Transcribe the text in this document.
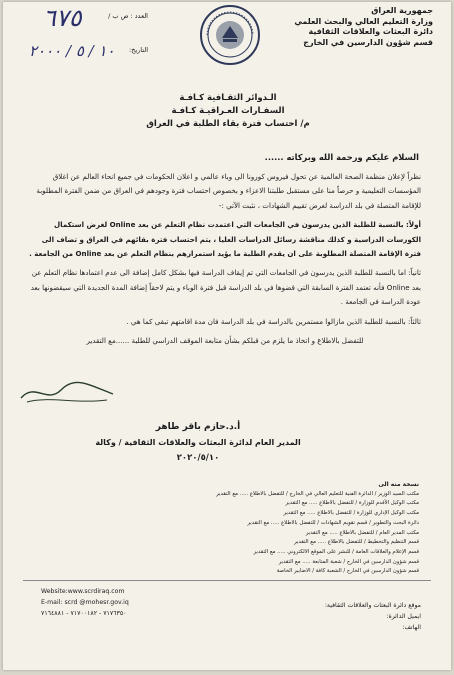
جمهورية العراق
وزارة التعليم العالي والبحث العلمي
دائرة البعثات والعلاقات الثقافية
قسم شؤون الدارسين في الخارج
العدد : ص ب /
التاريخ:
٦٧٥
١٠ / ٥ / ٢٠٠٠
الـدوائر الثقـافية كـافـة
السفـارات العـراقيـة كـافـة
م/ احتساب فترة بقاء الطلبة في العراق
السلام عليكم ورحمة الله وبركاته ......

نظراً لإعلان منظمة الصحة العالمية عن تحول فيروس كورونا الى وباء عالمي و اعلان الحكومات في جميع انحاء العالم عن اغلاق المؤسسات التعليمية و حرصاً منا على مستقبل طلبتنا الاعزاء و بخصوص احتساب فترة وجودهم في العراق من ضمن الفترة المطلوبة للإقامة المتصلة في بلد الدراسة لغرض تقييم الشهادات ، نثبت الآتي :-

أولاً: بالنسبة للطلبة الذين يدرسون في الجامعات التي اعتمدت نظام التعلم عن بعد Online لغرض استكمال الكورسات الدراسية و كذلك مناقشة رسائل الدراسات العليا ، يتم احتساب فترة بقائهم في العراق و تضاف الى فترة الإقامة المتصلة المطلوبة على ان يقدم الطلبة ما يؤيد استمرارهم بنظام التعلم عن بعد Online من الجامعة .

ثانياً: اما بالنسبة للطلبة الذين يدرسون في الجامعات التي تم إيقاف الدراسة فيها بشكل كامل إضافة الى عدم اعتمادها نظام التعلم عن بعد Online فأنه تعتمد الفترة السابقة التي قضوها في بلد الدراسة قبل فترة الوباء و يتم لاحقاً إضافة المدة الجديدة التي سيقضونها بعد عودة الدراسة في الجامعة .

ثالثاً: بالنسبة للطلبة الذين مازالوا مستمرين بالدراسة في بلد الدراسة فان مدة اقامتهم تبقى كما هي .

للتفضل بالاطلاع و اتخاذ ما يلزم من قبلكم بشأن متابعة الموقف الدراسي للطلبة ......مع التقدير

أ.د.حازم باقر طاهر
المدير العام لدائرة البعثات والعلاقات الثقافية / وكالة
٢٠٢٠/٥/١٠
نسخة منه الى
مكتب السيد الوزير / الدائرة الفنية للتعليم العالي في الخارج / للتفضل بالاطلاع ..... مع التقدير
مكتب الوكيل الأقدم للوزارة / للتفضل بالاطلاع ..... مع التقدير
مكتب الوكيل الإداري للوزارة / للتفضل بالاطلاع ..... مع التقدير
دائرة البحث والتطوير / قسم تقويم الشهادات / للتفضل بالاطلاع ..... مع التقدير
مكتب المدير العام / للتفضل بالاطلاع ..... مع التقدير
قسم التنظيم والتخطيط / للتفضل بالاطلاع ..... مع التقدير
قسم الإعلام والعلاقات العامة / للنشر على الموقع الالكتروني ..... مع التقدير
قسم شؤون الدارسين في الخارج / شعبة المتابعة ..... مع التقدير
قسم شؤون الدارسين في الخارج / الشعبة كافة / الاضابير الخاصة
Website:www.scrdiraq.com
E-mail: scrd @mohesr.gov.iq
٧١٧٦٣٥٠ - ٧١٧٠٠١٨٢ - ٧١٦٤٨٨١
موقع دائرة البعثات والعلاقات الثقافية:
ايميل الدائرة:
الهاتف:
